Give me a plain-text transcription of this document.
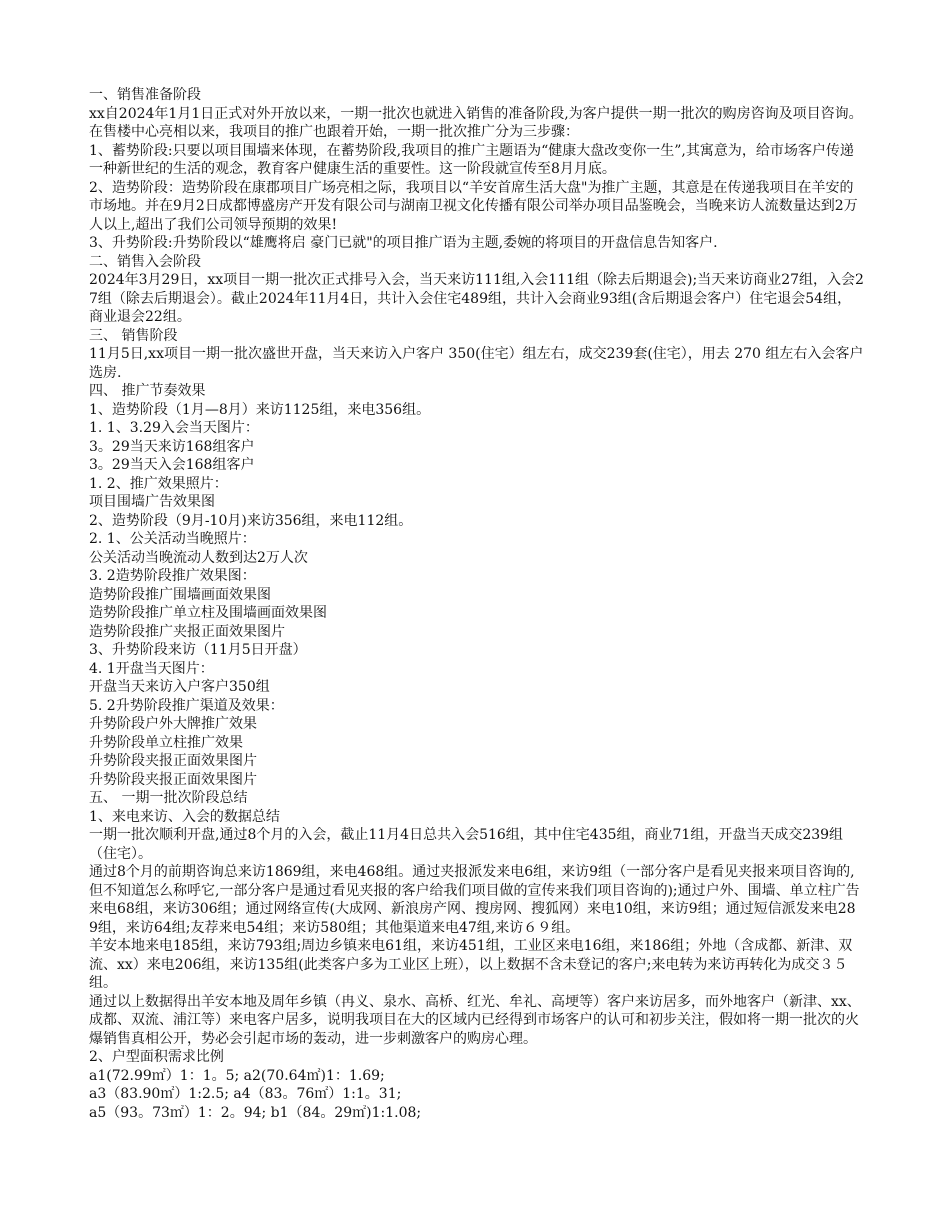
一、销售准备阶段

xx自2024年1月1日正式对外开放以来，一期一批次也就进入销售的准备阶段,为客户提供一期一批次的购房咨询及项目咨询。在售楼中心亮相以来，我项目的推广也跟着开始，一期一批次推广分为三步骤：

1、蓄势阶段:只要以项目围墙来体现，在蓄势阶段,我项目的推广主题语为“健康大盘改变你一生”,其寓意为，给市场客户传递一种新世纪的生活的观念，教育客户健康生活的重要性。这一阶段就宣传至8月月底。

2、造势阶段：造势阶段在康郡项目广场亮相之际，我项目以“羊安首席生活大盘"为推广主题，其意是在传递我项目在羊安的市场地。并在9月2日成都博盛房产开发有限公司与湖南卫视文化传播有限公司举办项目品鉴晚会，当晚来访人流数量达到2万人以上,超出了我们公司领导预期的效果!

3、升势阶段:升势阶段以“雄鹰将启 豪门已就"的项目推广语为主题,委婉的将项目的开盘信息告知客户.

二、销售入会阶段

2024年3月29日，xx项目一期一批次正式排号入会，当天来访111组,入会111组（除去后期退会);当天来访商业27组，入会27组（除去后期退会）。截止2024年11月4日，共计入会住宅489组，共计入会商业93组(含后期退会客户）住宅退会54组，商业退会22组。

三、 销售阶段

11月5日,xx项目一期一批次盛世开盘，当天来访入户客户 350(住宅）组左右，成交239套(住宅），用去 270 组左右入会客户选房.

四、 推广节奏效果

1、造势阶段（1月—8月）来访1125组，来电356组。

1. 1、3.29入会当天图片：

3。29当天来访168组客户

3。29当天入会168组客户

1. 2、推广效果照片：

项目围墙广告效果图

2、造势阶段（9月-10月)来访356组，来电112组。

2. 1、公关活动当晚照片：

公关活动当晚流动人数到达2万人次

3. 2造势阶段推广效果图：

造势阶段推广围墙画面效果图

造势阶段推广单立柱及围墙画面效果图

造势阶段推广夹报正面效果图片

3、升势阶段来访（11月5日开盘）

4. 1开盘当天图片：

开盘当天来访入户客户350组

5. 2升势阶段推广渠道及效果：

升势阶段户外大牌推广效果

升势阶段单立柱推广效果

升势阶段夹报正面效果图片

升势阶段夹报正面效果图片

五、 一期一批次阶段总结

1、来电来访、入会的数据总结

一期一批次顺利开盘,通过8个月的入会，截止11月4日总共入会516组，其中住宅435组，商业71组，开盘当天成交239组（住宅）。

通过8个月的前期咨询总来访1869组，来电468组。通过夹报派发来电6组，来访9组（一部分客户是看见夹报来项目咨询的,但不知道怎么称呼它,一部分客户是通过看见夹报的客户给我们项目做的宣传来我们项目咨询的);通过户外、围墙、单立柱广告来电68组，来访306组；通过网络宣传(大成网、新浪房产网、搜房网、搜狐网）来电10组，来访9组；通过短信派发来电289组，来访64组;友荐来电54组；来访580组；其他渠道来电47组,来访６９组。

羊安本地来电185组，来访793组;周边乡镇来电61组，来访451组，工业区来电16组，来186组；外地（含成都、新津、双流、xx）来电206组，来访135组(此类客户多为工业区上班），以上数据不含未登记的客户;来电转为来访再转化为成交３５组。

通过以上数据得出羊安本地及周年乡镇（冉义、泉水、高桥、红光、牟礼、高埂等）客户来访居多，而外地客户（新津、xx、成都、双流、浦江等）来电客户居多，说明我项目在大的区域内已经得到市场客户的认可和初步关注，假如将一期一批次的火爆销售真相公开，势必会引起市场的轰动，进一步刺激客户的购房心理。

2、户型面积需求比例

a1(72.99㎡）1：1。5; a2(70.64㎡)1：1.69;

a3（83.90㎡）1:2.5; a4（83。76㎡）1:1。31;

a5（93。73㎡）1：2。94; b1（84。29㎡)1:1.08;
